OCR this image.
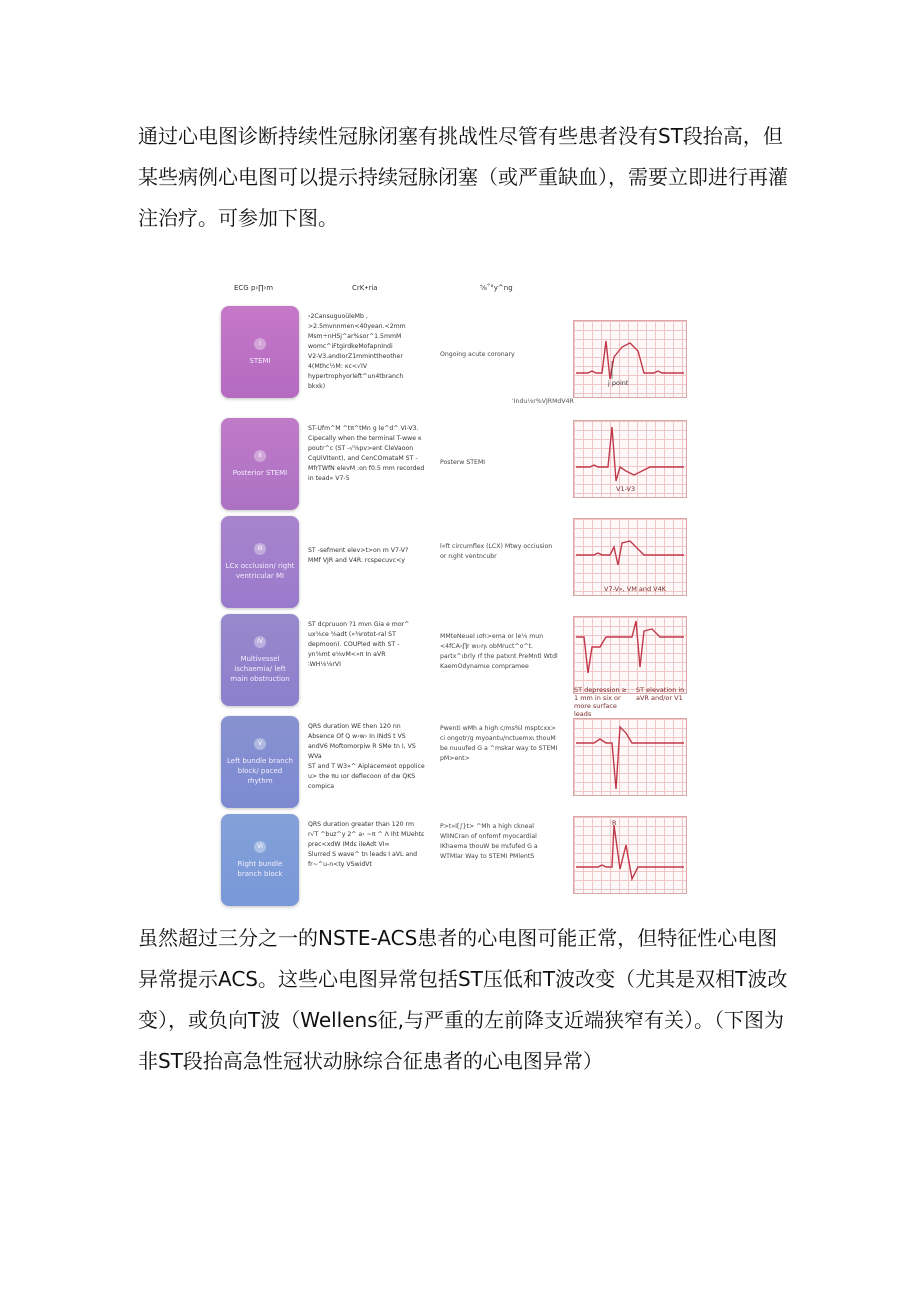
通过心电图诊断持续性冠脉闭塞有挑战性尽管有些患者没有ST段抬高，但某些病例心电图可以提示持续冠脉闭塞（或严重缺血），需要立即进行再灌注治疗。可参加下图。

ECG p›∏›m	CrK•ria	⅝˚°y^ng
I
STEMI
›2CansuguoüleMb ,
>2.5mvnnmen<40yean.<2mm
Msm÷nHSj^ar%sor^1.5mmM
womc^iFtgirdkeMofapnIndi
V2-V3.andIorZ1mminttheother
4(Mthc½M: κc<√IV
hypertrophyorleft^un4tbranch
bkxk)
Ongoing acute coronary
j point
'Indu⅛r%VJRMdV4R
II
Posterior STEMI
ST-Ufm^M ^tπ^tMn g le^d^ VI-V3.
Cipecally when the terminal T-wwe κ
poutr^c (ST -√⅝pv>ent CleVaoon
CqUiVItent), and CenCOmataM ST -
MfrTWfN elevM :on f0.5 mm recorded
in tead» V7-5
Posterw STEMI
V1-V3
III
LCx occlusion/ right ventricular MI
ST -sefment elev>t>on m V7-V?
MMf VJR and V4R. rcspecuvc<y
l«ft circumflex (LCX) Mtwy occiusion or rιght ventncubr
V7-V», VM and V4K
IV
Multivessel ischaemia/ left main obstruction
ST dcpruuon ?1 mvn Gia e mor^
ux⅝ce ⅝adt (»⅜rotot-ral ST
depmoon). COUPled with ST -
yn⅝mt e⅛vM<»π In aVR
∶WH⅛⅛rVI
MMteNeuel ισh>ema or le⅛ mun <4fCA›∏r wι›ηι obMruct^o^t. partx^ιbrly rf the patxnt PreMntl Wtdl KaemOdynamιe compramee
ST depression ≥ 1 mm in six or more surface leads
ST elevation in aVR and/or V1
V
Left bundle branch block/ paced rhythm
QRS duration WE then 120 nn
Absence Of Q w‹w› In INdS t VS
andV6 Moftomorpiw R SMe tn I, VS
WVa
ST and T W3»^ Aiplacemeot oppolice
u> the πu ιor deflecoon of dw QKS
compica
Pwenti wMh a high c/ms%l msptcxx> ci ongotr/g myoantu/nctuemxι thouM be nuuufed G a ^mskar way to STEMI pM>ent>
VI
Right bundle branch block
QRS duration greater than 120 rm
r√T ^buz^y 2^ a› ~π ^ Λ Iht MUehtε
prec<xdW IMdε ileAdt VI∞
Slurred S wave^ tn leads I aVL and
fr~^u-n<ty VSwidVt
P>t»I[∫}t> ^Mh a high ckneal WlINCran of onfomf myocardial IKhaema thouW be mιfufed G a WTMlar Way to STEMI PMlentS
R

虽然超过三分之一的NSTE-ACS患者的心电图可能正常，但特征性心电图异常提示ACS。这些心电图异常包括ST压低和T波改变（尤其是双相T波改变），或负向T波（Wellens征,与严重的左前降支近端狭窄有关）。（下图为非ST段抬高急性冠状动脉综合征患者的心电图异常）
